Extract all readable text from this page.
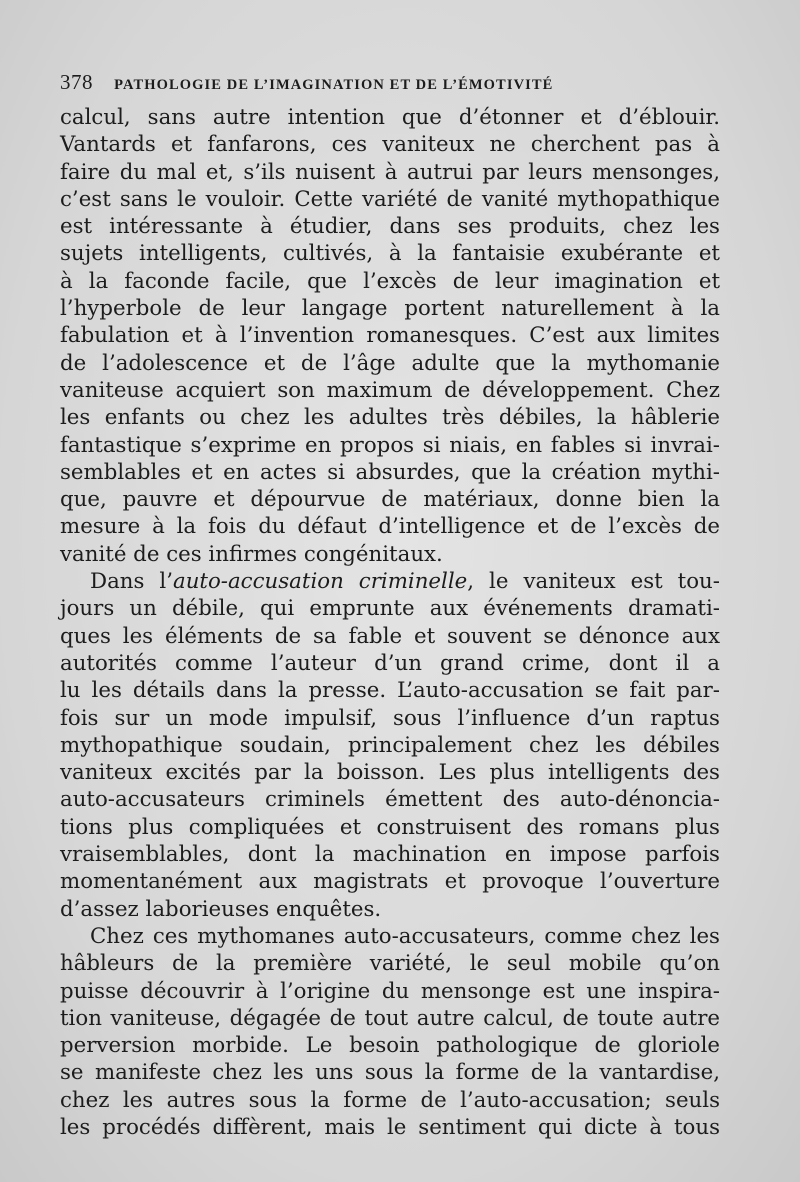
378 PATHOLOGIE DE L’IMAGINATION ET DE L’ÉMOTIVITÉ
calcul, sans autre intention que d’étonner et d’éblouir.
Vantards et fanfarons, ces vaniteux ne cherchent pas à
faire du mal et, s’ils nuisent à autrui par leurs mensonges,
c’est sans le vouloir. Cette variété de vanité mythopathique
est intéressante à étudier, dans ses produits, chez les
sujets intelligents, cultivés, à la fantaisie exubérante et
à la faconde facile, que l’excès de leur imagination et
l’hyperbole de leur langage portent naturellement à la
fabulation et à l’invention romanesques. C’est aux limites
de l’adolescence et de l’âge adulte que la mythomanie
vaniteuse acquiert son maximum de développement. Chez
les enfants ou chez les adultes très débiles, la hâblerie
fantastique s’exprime en propos si niais, en fables si invrai-
semblables et en actes si absurdes, que la création mythi-
que, pauvre et dépourvue de matériaux, donne bien la
mesure à la fois du défaut d’intelligence et de l’excès de
vanité de ces infirmes congénitaux.
Dans l’auto-accusation criminelle, le vaniteux est tou-
jours un débile, qui emprunte aux événements dramati-
ques les éléments de sa fable et souvent se dénonce aux
autorités comme l’auteur d’un grand crime, dont il a
lu les détails dans la presse. L’auto-accusation se fait par-
fois sur un mode impulsif, sous l’influence d’un raptus
mythopathique soudain, principalement chez les débiles
vaniteux excités par la boisson. Les plus intelligents des
auto-accusateurs criminels émettent des auto-dénoncia-
tions plus compliquées et construisent des romans plus
vraisemblables, dont la machination en impose parfois
momentanément aux magistrats et provoque l’ouverture
d’assez laborieuses enquêtes.
Chez ces mythomanes auto-accusateurs, comme chez les
hâbleurs de la première variété, le seul mobile qu’on
puisse découvrir à l’origine du mensonge est une inspira-
tion vaniteuse, dégagée de tout autre calcul, de toute autre
perversion morbide. Le besoin pathologique de gloriole
se manifeste chez les uns sous la forme de la vantardise,
chez les autres sous la forme de l’auto-accusation; seuls
les procédés diffèrent, mais le sentiment qui dicte à tous
